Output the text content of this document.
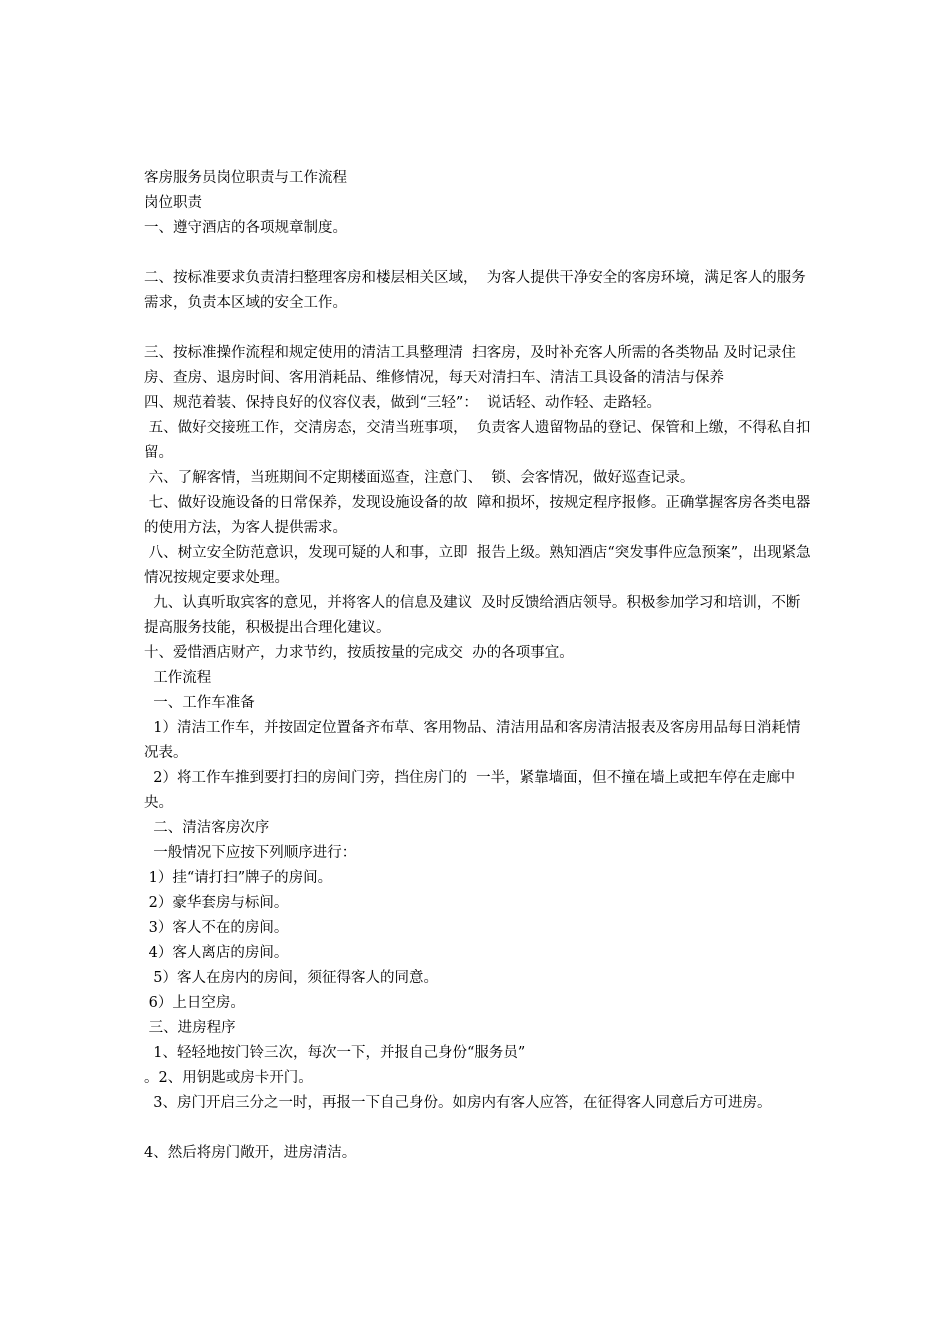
客房服务员岗位职责与工作流程

岗位职责

一、遵守酒店的各项规章制度。

二、按标准要求负责清扫整理客房和楼层相关区域，  为客人提供干净安全的客房环境，满足客人的服务需求，负责本区域的安全工作。

三、按标准操作流程和规定使用的清洁工具整理清  扫客房，及时补充客人所需的各类物品 及时记录住房、查房、退房时间、客用消耗品、维修情况，每天对清扫车、清洁工具设备的清洁与保养

四、规范着装、保持良好的仪容仪表，做到“三轻”：  说话轻、动作轻、走路轻。

五、做好交接班工作，交清房态，交清当班事项，  负责客人遗留物品的登记、保管和上缴，不得私自扣留。

六、了解客情，当班期间不定期楼面巡查，注意门、  锁、会客情况，做好巡查记录。

七、做好设施设备的日常保养，发现设施设备的故  障和损坏，按规定程序报修。正确掌握客房各类电器的使用方法，为客人提供需求。

八、树立安全防范意识，发现可疑的人和事，立即  报告上级。熟知酒店“突发事件应急预案”，出现紧急情况按规定要求处理。

九、认真听取宾客的意见，并将客人的信息及建议  及时反馈给酒店领导。积极参加学习和培训，不断提高服务技能，积极提出合理化建议。

十、爱惜酒店财产，力求节约，按质按量的完成交  办的各项事宜。

工作流程

一、工作车准备

1）清洁工作车，并按固定位置备齐布草、客用物品、清洁用品和客房清洁报表及客房用品每日消耗情况表。

2）将工作车推到要打扫的房间门旁，挡住房门的  一半，紧靠墙面，但不撞在墙上或把车停在走廊中央。

二、清洁客房次序

一般情况下应按下列顺序进行：

1）挂“请打扫”牌子的房间。

2）豪华套房与标间。

3）客人不在的房间。

4）客人离店的房间。

5）客人在房内的房间，须征得客人的同意。

6）上日空房。

三、进房程序

1、轻轻地按门铃三次，每次一下，并报自己身份“服务员”

。2、用钥匙或房卡开门。

3、房门开启三分之一时，再报一下自己身份。如房内有客人应答，在征得客人同意后方可进房。

4、然后将房门敞开，进房清洁。
